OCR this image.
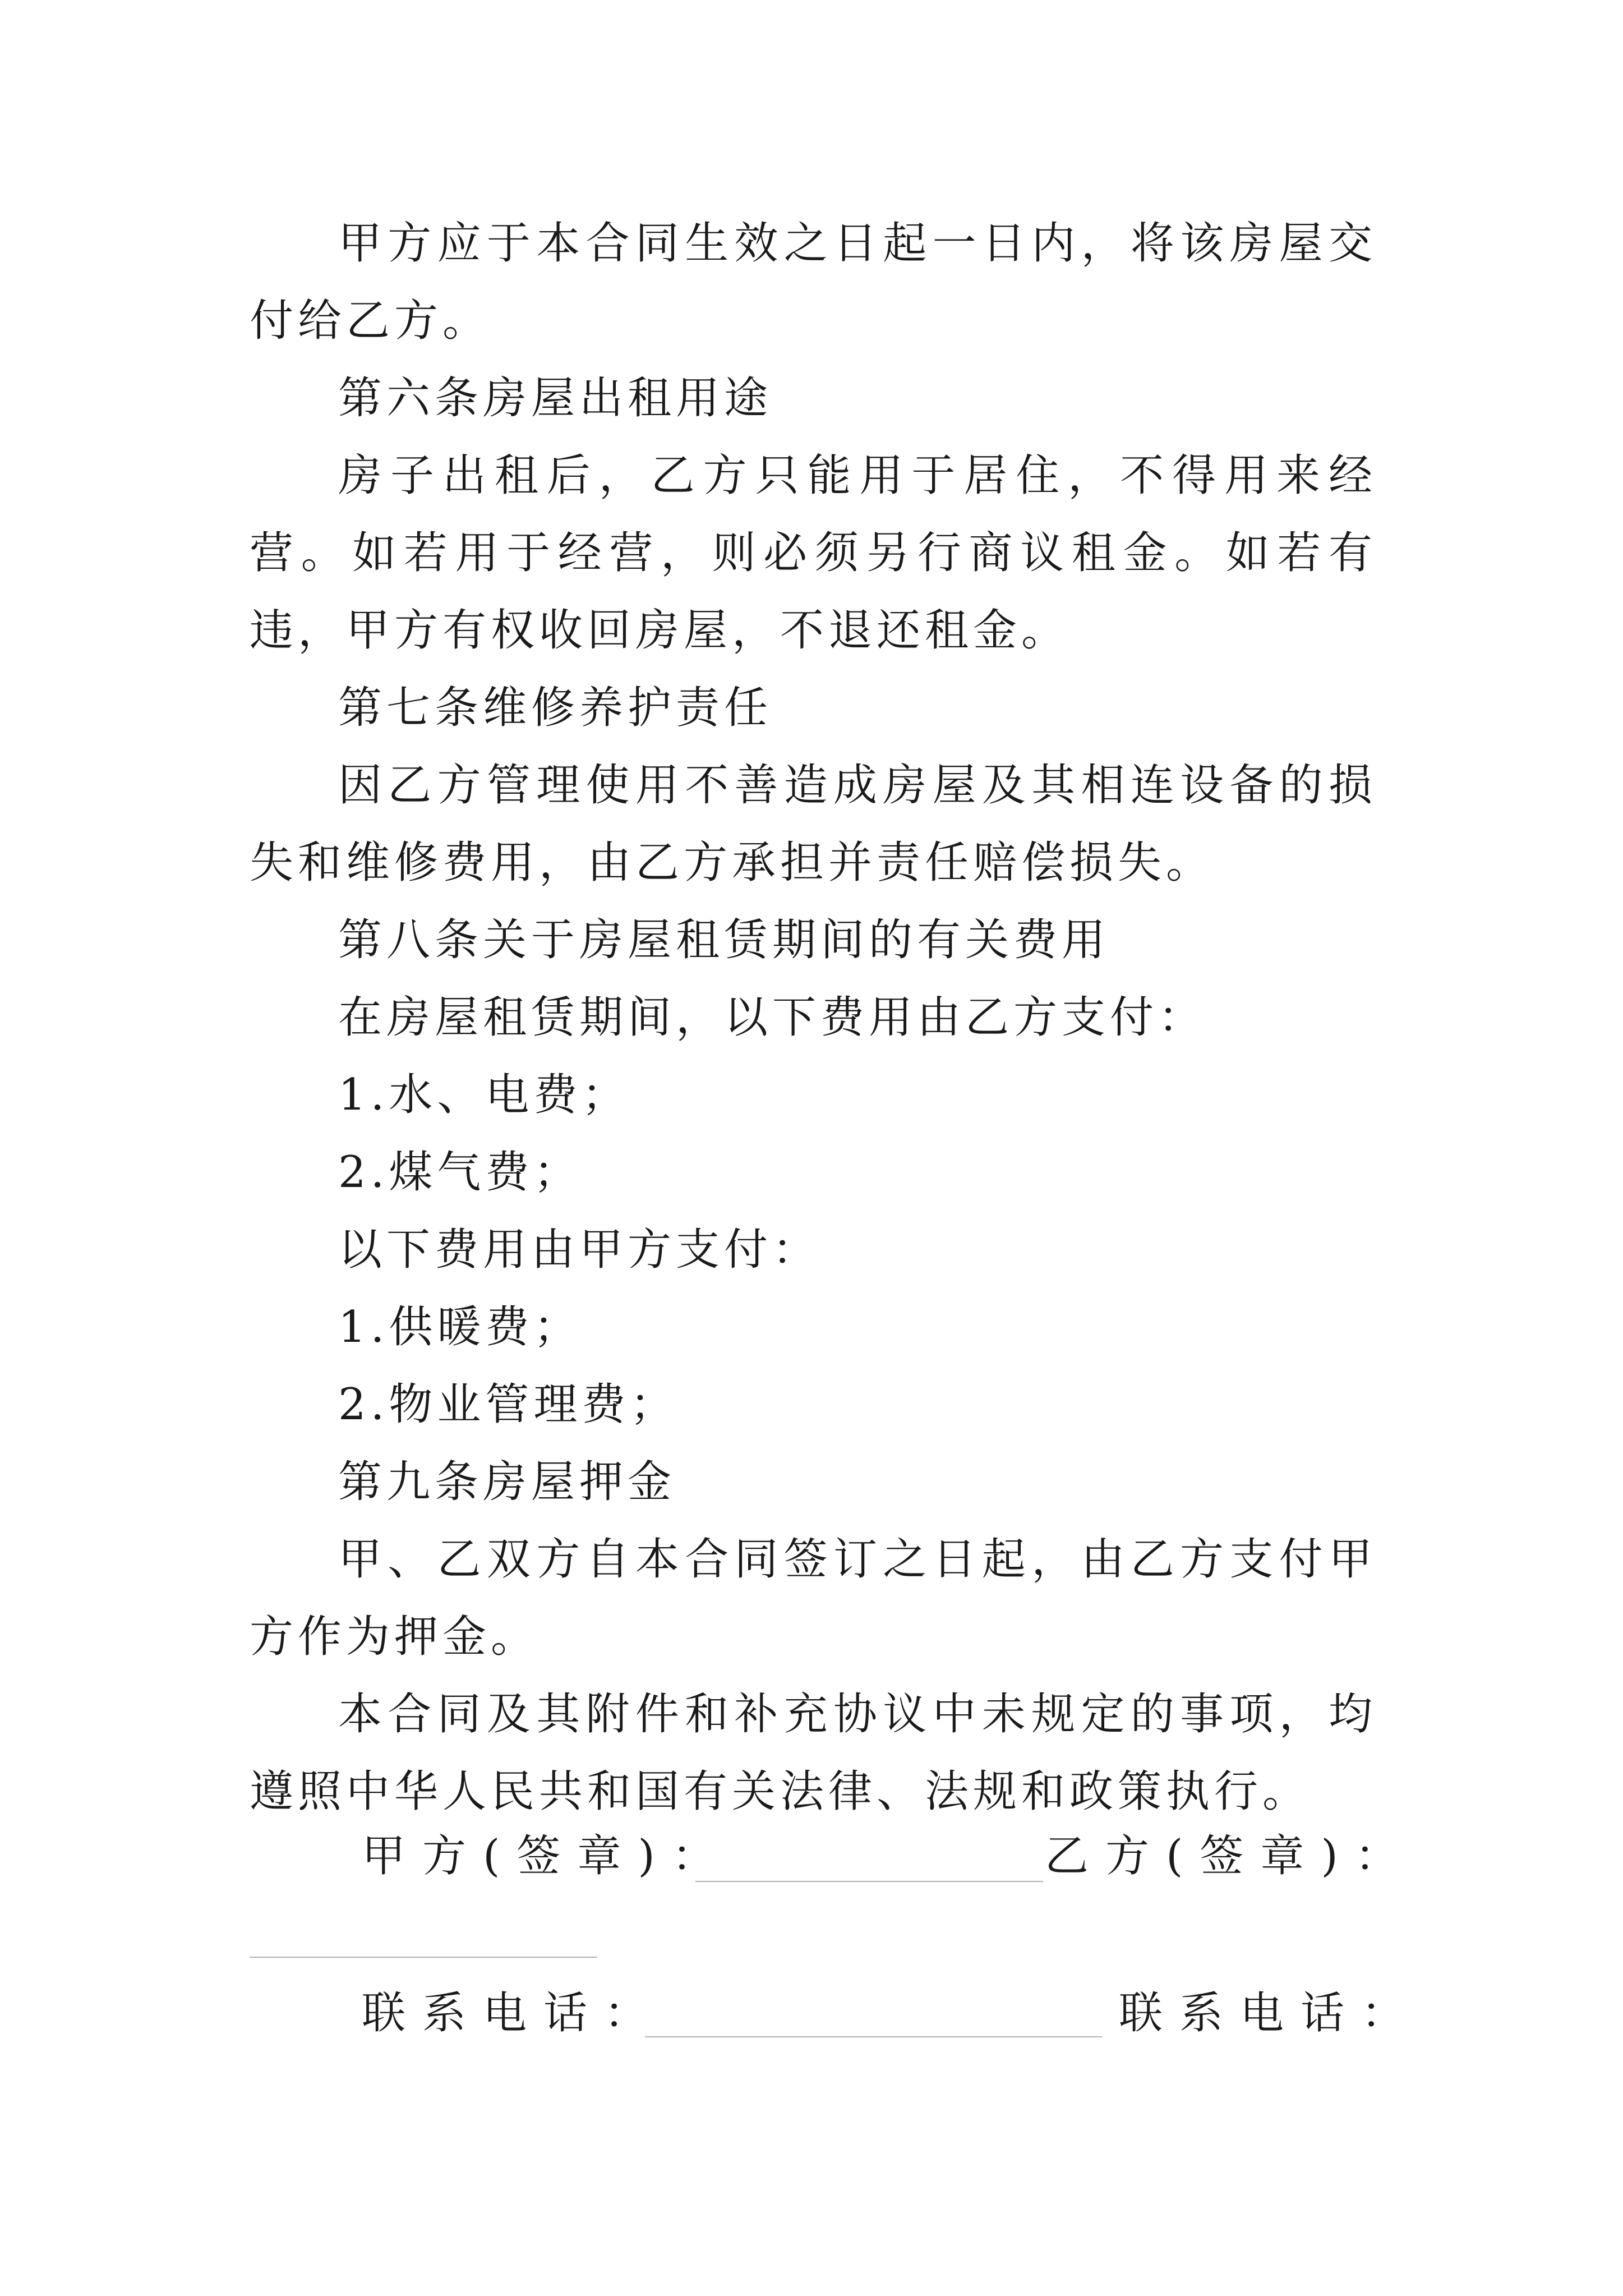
甲方应于本合同生效之日起一日内，将该房屋交付给乙方。

第六条房屋出租用途

房子出租后，乙方只能用于居住，不得用来经营。如若用于经营，则必须另行商议租金。如若有违，甲方有权收回房屋，不退还租金。

第七条维修养护责任

因乙方管理使用不善造成房屋及其相连设备的损失和维修费用，由乙方承担并责任赔偿损失。

第八条关于房屋租赁期间的有关费用

在房屋租赁期间，以下费用由乙方支付：

1.水、电费；

2.煤气费；

以下费用由甲方支付：

1.供暖费；

2.物业管理费；

第九条房屋押金

甲、乙双方自本合同签订之日起，由乙方支付甲方作为押金。

本合同及其附件和补充协议中未规定的事项，均遵照中华人民共和国有关法律、法规和政策执行。

甲方(签章)：	乙方(签章)：
联系电话：	联系电话：
